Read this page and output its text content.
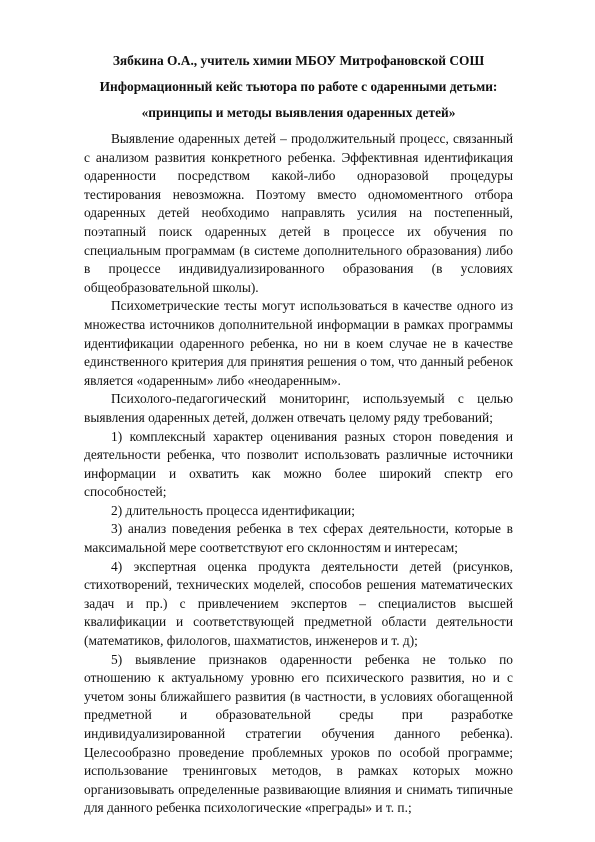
Зябкина О.А., учитель химии МБОУ Митрофановской СОШ

Информационный кейс тьютора по работе с одаренными детьми:

«принципы и методы выявления одаренных детей»

Выявление одаренных детей – продолжительный процесс, связанный с анализом развития конкретного ребенка. Эффективная идентификация одаренности посредством какой-либо одноразовой процедуры тестирования невозможна. Поэтому вместо одномоментного отбора одаренных детей необходимо направлять усилия на постепенный, поэтапный поиск одаренных детей в процессе их обучения по специальным программам (в системе дополнительного образования) либо в процессе индивидуализированного образования (в условиях общеобразовательной школы).

Психометрические тесты могут использоваться в качестве одного из множества источников дополнительной информации в рамках программы идентификации одаренного ребенка, но ни в коем случае не в качестве единственного критерия для принятия решения о том, что данный ребенок является «одаренным» либо «неодаренным».

Психолого-педагогический мониторинг, используемый с целью выявления одаренных детей, должен отвечать целому ряду требований;

1) комплексный характер оценивания разных сторон поведения и деятельности ребенка, что позволит использовать различные источники информации и охватить как можно более широкий спектр его способностей;

2) длительность процесса идентификации;

3) анализ поведения ребенка в тех сферах деятельности, которые в максимальной мере соответствуют его склонностям и интересам;

4) экспертная оценка продукта деятельности детей (рисунков, стихотворений, технических моделей, способов решения математических задач и пр.) с привлечением экспертов – специалистов высшей квалификации и соответствующей предметной области деятельности (математиков, филологов, шахматистов, инженеров и т. д);

5) выявление признаков одаренности ребенка не только по отношению к актуальному уровню его психического развития, но и с учетом зоны ближайшего развития (в частности, в условиях обогащенной предметной и образовательной среды при разработке индивидуализированной стратегии обучения данного ребенка). Целесообразно проведение проблемных уроков по особой программе; использование тренинговых методов, в рамках которых можно организовывать определенные развивающие влияния и снимать типичные для данного ребенка психологические «преграды» и т. п.;
